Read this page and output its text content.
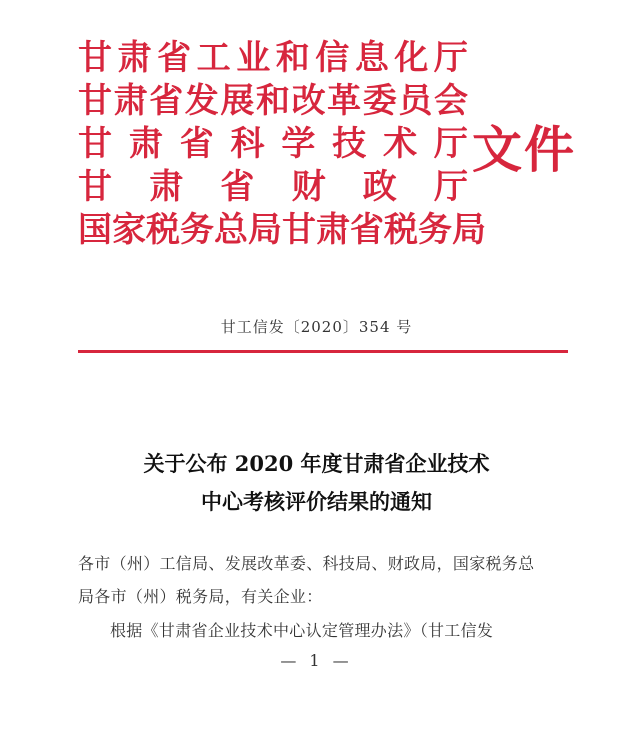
甘 肃 省 工 业 和 信 息 化 厅
甘 肃 省 发 展 和 改 革 委 员 会
甘 肃 省 科 学 技 术 厅
甘 肃 省 财 政 厅
国 家 税 务 总 局 甘 肃 省 税 务 局
文件
甘工信发〔2020〕354 号
关于公布 2020 年度甘肃省企业技术
中心考核评价结果的通知
各市（州）工信局、发展改革委、科技局、财政局，国家税务总
局各市（州）税务局，有关企业：
根据《甘肃省企业技术中心认定管理办法》（甘工信发
— 1 —
